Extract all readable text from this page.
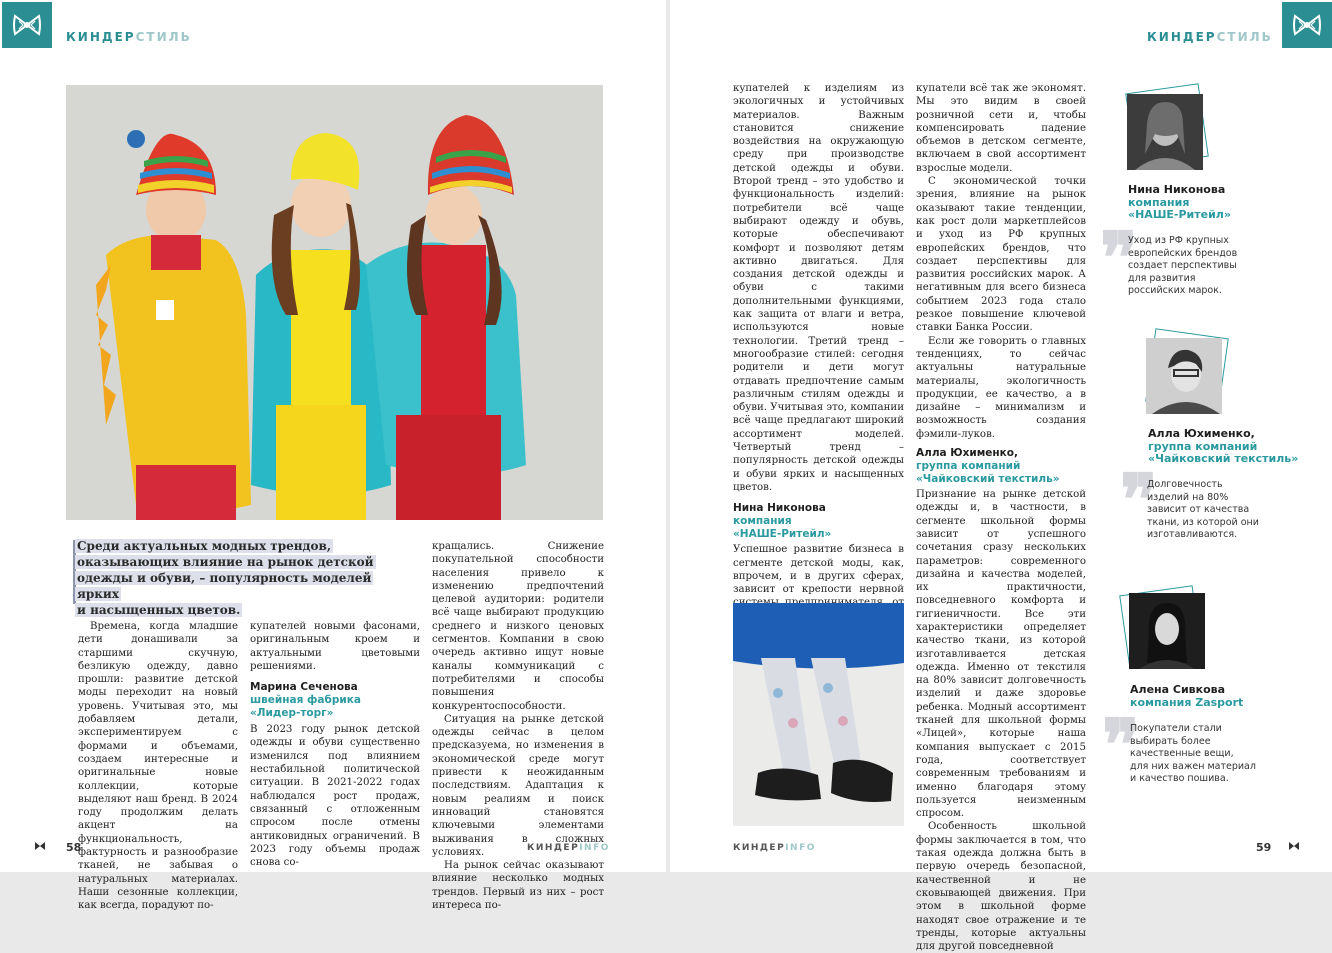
КИНДЕРСТИЛЬ
Среди актуальных модных трендов,
оказывающих влияние на рынок детской
одежды и обуви, – популярность моделей ярких
и насыщенных цветов.

Времена, когда младшие дети донашивали за старшими скучную, безликую одежду, давно прошли: развитие детской моды переходит на новый уровень. Учитывая это, мы добавляем детали, экспериментируем с формами и объемами, создаем интересные и оригинальные новые коллекции, которые выделяют наш бренд. В 2024 году продолжим делать акцент на функциональность, фактурность и разнообразие тканей, не забывая о натуральных материалах. Наши сезонные коллекции, как всегда, порадуют по-

купателей новыми фасонами, оригинальным кроем и актуальными цветовыми решениями.

Марина Сеченова
швейная фабрика
«Лидер-торг»

В 2023 году рынок детской одежды и обуви существенно изменился под влиянием нестабильной политической ситуации. В 2021-2022 годах наблюдался рост продаж, связанный с отложенным спросом после отмены антиковидных ограничений. В 2023 году объемы продаж снова со-

кращались. Снижение покупательной способности населения привело к изменению предпочтений целевой аудитории: родители всё чаще выбирают продукцию среднего и низкого ценовых сегментов. Компании в свою очередь активно ищут новые каналы коммуникаций с потребителями и способы повышения конкурентоспособности.

Ситуация на рынке детской одежды сейчас в целом предсказуема, но изменения в экономической среде могут привести к неожиданным последствиям. Адаптация к новым реалиям и поиск инноваций становятся ключевыми элементами выживания в сложных условиях.

На рынок сейчас оказывают влияние несколько модных трендов. Первый из них – рост интереса по-

58	КИНДЕРINFO
КИНДЕРСТИЛЬ

купателей к изделиям из экологичных и устойчивых материалов. Важным становится снижение воздействия на окружающую среду при производстве детской одежды и обуви. Второй тренд – это удобство и функциональность изделий: потребители всё чаще выбирают одежду и обувь, которые обеспечивают комфорт и позволяют детям активно двигаться. Для создания детской одежды и обуви с такими дополнительными функциями, как защита от влаги и ветра, используются новые технологии. Третий тренд – многообразие стилей: сегодня родители и дети могут отдавать предпочтение самым различным стилям одежды и обуви. Учитывая это, компании всё чаще предлагают широкий ассортимент моделей. Четвертый тренд – популярность детской одежды и обуви ярких и насыщенных цветов.

Нина Никонова
компания
«НАШЕ-Ритейл»

Успешное развитие бизнеса в сегменте детской моды, как, впрочем, и в других сферах, зависит от крепости нервной

купатели всё так же экономят. Мы это видим в своей розничной сети и, чтобы компенсировать падение объемов в детском сегменте, включаем в свой ассортимент взрослые модели.

С экономической точки зрения, влияние на рынок оказывают такие тенденции, как рост доли маркетплейсов и уход из РФ крупных европейских брендов, что создает перспективы для развития российских марок. А негативным для всего бизнеса событием 2023 года стало резкое повышение ключевой ставки Банка России.

Если же говорить о главных тенденциях, то сейчас актуальны натуральные материалы, экологичность продукции, ее качество, а в дизайне – минимализм и возможность создания фэмили-луков.

Алла Юхименко,
группа компаний
«Чайковский текстиль»

Признание на рынке детской одежды и, в частности, в сегменте школьной формы зависит от успешного сочетания сразу нескольких параметров: современного дизайна и качества моделей, их практичности, повседневного комфорта и гигиеничности. Все эти характеристики определяет качество ткани, из которой изготавливается детская одежда. Именно от текстиля на 80% зависит долговечность изделий и даже здоровье ребенка. Модный ассортимент тканей для школьной формы «Лицей», которые наша компания выпускает с 2015 года, соответствует современным требованиям и именно благодаря этому пользуется неизменным спросом.

Особенность школьной формы заключается в том, что такая одежда должна быть в первую очередь безопасной, качественной и не сковывающей движения. При этом в школьной форме находят свое отражение и те тренды, которые актуальны для другой повседневной

59
КИНДЕРINFO
Нина Никонова
компания
«НАШЕ-Ритейл»
❞
Уход из РФ крупных
европейских брендов
создает перспективы
для развития
российских марок.
Алла Юхименко,
группа компаний
«Чайковский текстиль»
❞
Долговечность
изделий на 80%
зависит от качества
ткани, из которой они
изготавливаются.
Алена Сивкова
компания Zasport
❞
Покупатели стали
выбирать более
качественные вещи,
для них важен материал
и качество пошива.
